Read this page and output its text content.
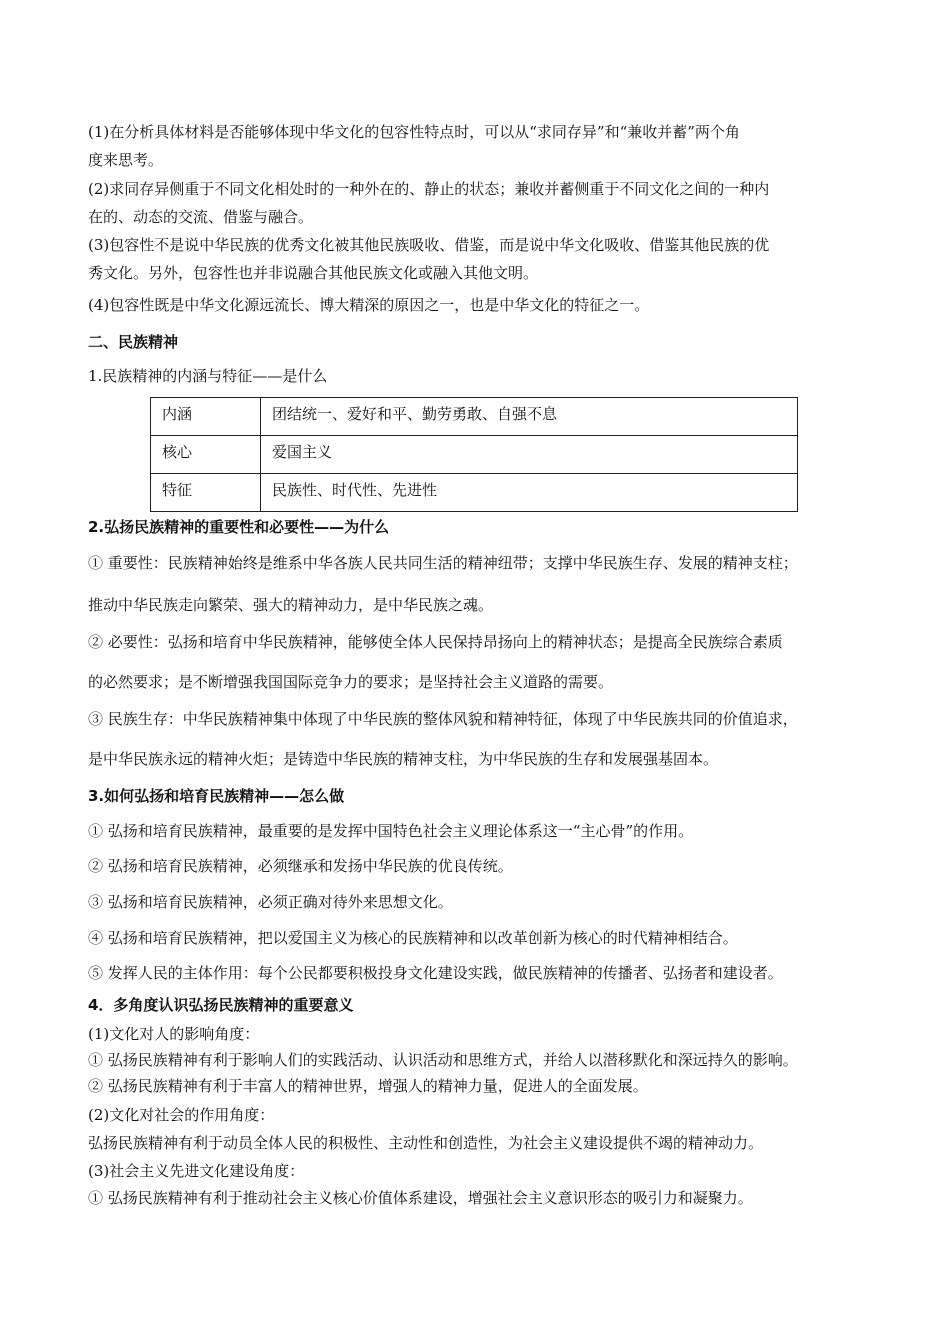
(1)在分析具体材料是否能够体现中华文化的包容性特点时，可以从“求同存异”和“兼收并蓄”两个角
度来思考。
(2)求同存异侧重于不同文化相处时的一种外在的、静止的状态；兼收并蓄侧重于不同文化之间的一种内
在的、动态的交流、借鉴与融合。
(3)包容性不是说中华民族的优秀文化被其他民族吸收、借鉴，而是说中华文化吸收、借鉴其他民族的优
秀文化。另外，包容性也并非说融合其他民族文化或融入其他文明。
(4)包容性既是中华文化源远流长、博大精深的原因之一，也是中华文化的特征之一。
二、民族精神
1.民族精神的内涵与特征——是什么
内涵	团结统一、爱好和平、勤劳勇敢、自强不息
核心	爱国主义
特征	民族性、时代性、先进性
2.弘扬民族精神的重要性和必要性——为什么
① 重要性：民族精神始终是维系中华各族人民共同生活的精神纽带；支撑中华民族生存、发展的精神支柱；
推动中华民族走向繁荣、强大的精神动力，是中华民族之魂。
② 必要性：弘扬和培育中华民族精神，能够使全体人民保持昂扬向上的精神状态；是提高全民族综合素质
的必然要求；是不断增强我国国际竞争力的要求；是坚持社会主义道路的需要。
③ 民族生存：中华民族精神集中体现了中华民族的整体风貌和精神特征，体现了中华民族共同的价值追求，
是中华民族永远的精神火炬；是铸造中华民族的精神支柱，为中华民族的生存和发展强基固本。
3.如何弘扬和培育民族精神——怎么做
① 弘扬和培育民族精神，最重要的是发挥中国特色社会主义理论体系这一“主心骨”的作用。
② 弘扬和培育民族精神，必须继承和发扬中华民族的优良传统。
③ 弘扬和培育民族精神，必须正确对待外来思想文化。
④ 弘扬和培育民族精神，把以爱国主义为核心的民族精神和以改革创新为核心的时代精神相结合。
⑤ 发挥人民的主体作用：每个公民都要积极投身文化建设实践，做民族精神的传播者、弘扬者和建设者。
4．多角度认识弘扬民族精神的重要意义
(1)文化对人的影响角度：
① 弘扬民族精神有利于影响人们的实践活动、认识活动和思维方式，并给人以潜移默化和深远持久的影响。
② 弘扬民族精神有利于丰富人的精神世界，增强人的精神力量，促进人的全面发展。
(2)文化对社会的作用角度：
弘扬民族精神有利于动员全体人民的积极性、主动性和创造性，为社会主义建设提供不竭的精神动力。
(3)社会主义先进文化建设角度：
① 弘扬民族精神有利于推动社会主义核心价值体系建设，增强社会主义意识形态的吸引力和凝聚力。
